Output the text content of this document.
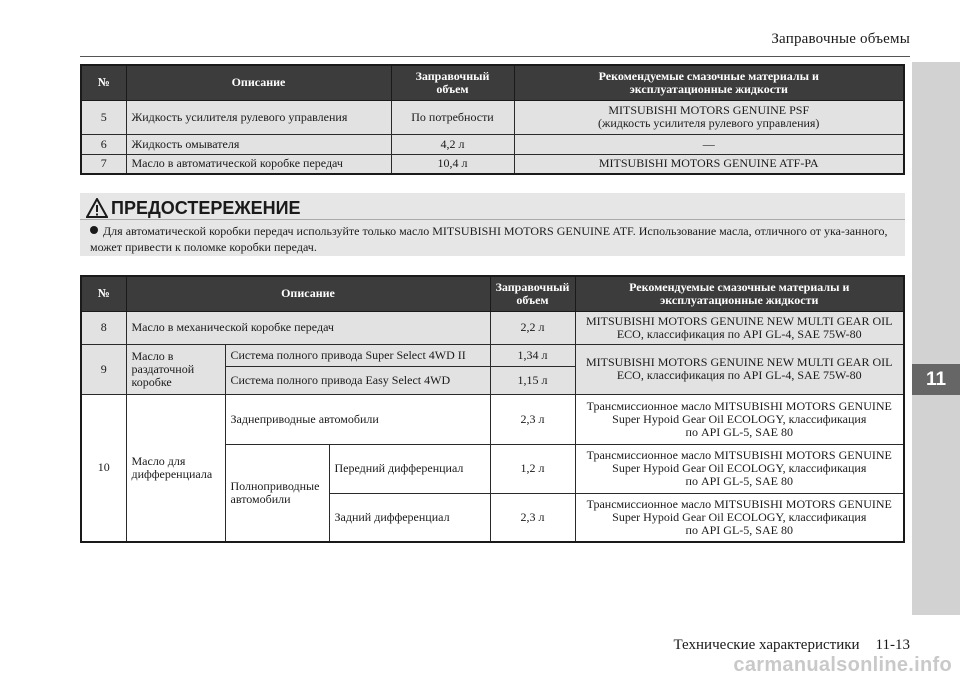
Заправочные объемы
11
№	Описание	Заправочный объем	Рекомендуемые смазочные материалы и эксплуатационные жидкости
5	Жидкость усилителя рулевого управления	По потребности	MITSUBISHI MOTORS GENUINE PSF
(жидкость усилителя рулевого управления)

6	Жидкость омывателя	4,2 л	—
7	Масло в автоматической коробке передач	10,4 л	MITSUBISHI MOTORS GENUINE ATF-PA
ПРЕДОСТЕРЕЖЕНИЕ
Для автоматической коробки передач используйте только масло MITSUBISHI MOTORS GENUINE ATF. Использование масла, отличного от ука-занного, может привести к поломке коробки передач.
№	Описание			Заправочный объем	Рекомендуемые смазочные материалы и эксплуатационные жидкости
8	Масло в механической коробке передач			2,2 л	MITSUBISHI MOTORS GENUINE NEW MULTI GEAR OIL
ECO, классификация по API GL-4, SAE 75W-80

9	Масло в раздаточной коробке	Система полного привода Super Select 4WD II		1,34 л	MITSUBISHI MOTORS GENUINE NEW MULTI GEAR OIL
ECO, классификация по API GL-4, SAE 75W-80

		Система полного привода Easy Select 4WD		1,15 л	
10	Масло для дифференциала	Заднеприводные автомобили		2,3 л	Трансмиссионное масло MITSUBISHI MOTORS GENUINE
Super Hypoid Gear Oil ECOLOGY, классификация
по API GL-5, SAE 80

		Полноприводные автомобили	Передний дифференциал	1,2 л	Трансмиссионное масло MITSUBISHI MOTORS GENUINE
Super Hypoid Gear Oil ECOLOGY, классификация
по API GL-5, SAE 80

			Задний дифференциал	2,3 л	Трансмиссионное масло MITSUBISHI MOTORS GENUINE
Super Hypoid Gear Oil ECOLOGY, классификация
по API GL-5, SAE 80
Технические характеристики 11-13
carmanualsonline.info
